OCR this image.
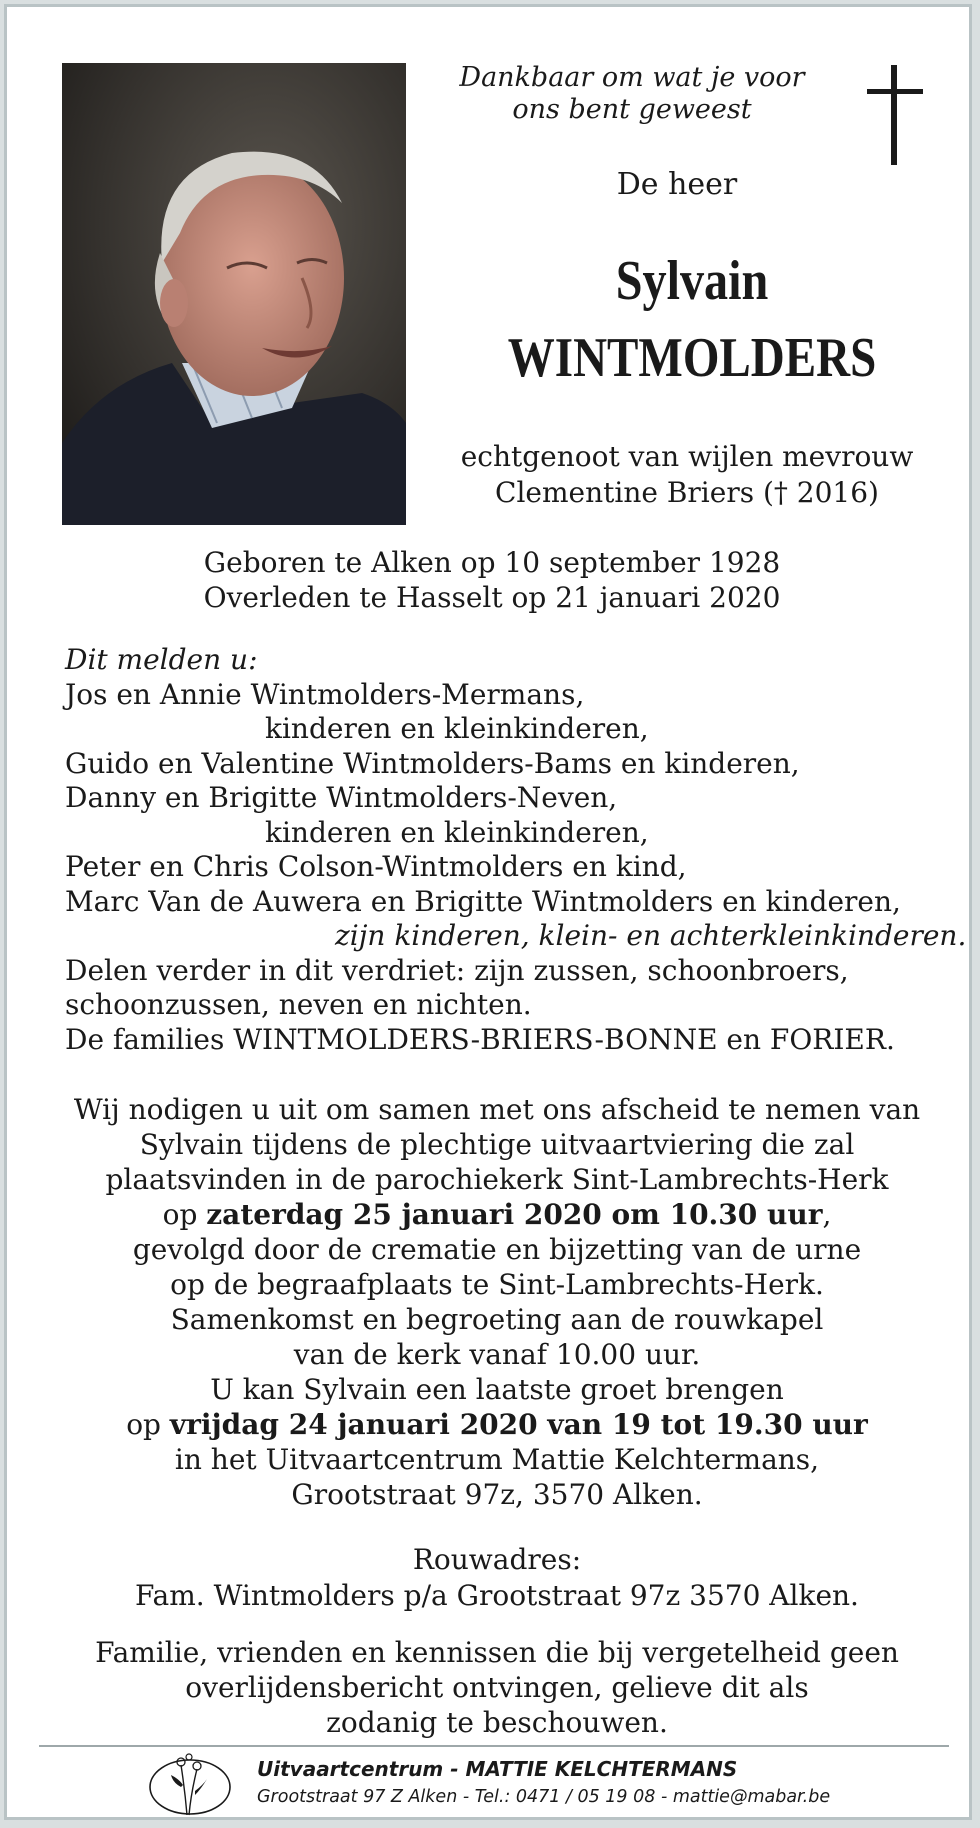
Dankbaar om wat je voor
ons bent geweest
De heer
Sylvain
WINTMOLDERS
echtgenoot van wijlen mevrouw
Clementine Briers († 2016)
Geboren te Alken op 10 september 1928
Overleden te Hasselt op 21 januari 2020
Dit melden u:
Jos en Annie Wintmolders-Mermans,
kinderen en kleinkinderen,
Guido en Valentine Wintmolders-Bams en kinderen,
Danny en Brigitte Wintmolders-Neven,
kinderen en kleinkinderen,
Peter en Chris Colson-Wintmolders en kind,
Marc Van de Auwera en Brigitte Wintmolders en kinderen,
zijn kinderen, klein- en achterkleinkinderen.
Delen verder in dit verdriet: zijn zussen, schoonbroers,
schoonzussen, neven en nichten.
De families WINTMOLDERS-BRIERS-BONNE en FORIER.
Wij nodigen u uit om samen met ons afscheid te nemen van
Sylvain tijdens de plechtige uitvaartviering die zal
plaatsvinden in de parochiekerk Sint-Lambrechts-Herk
op zaterdag 25 januari 2020 om 10.30 uur,
gevolgd door de crematie en bijzetting van de urne
op de begraafplaats te Sint-Lambrechts-Herk.
Samenkomst en begroeting aan de rouwkapel
van de kerk vanaf 10.00 uur.
U kan Sylvain een laatste groet brengen
op vrijdag 24 januari 2020 van 19 tot 19.30 uur
in het Uitvaartcentrum Mattie Kelchtermans,
Grootstraat 97z, 3570 Alken.
Rouwadres:
Fam. Wintmolders p/a Grootstraat 97z 3570 Alken.
Familie, vrienden en kennissen die bij vergetelheid geen
overlijdensbericht ontvingen, gelieve dit als
zodanig te beschouwen.
Uitvaartcentrum - MATTIE KELCHTERMANS
Grootstraat 97 Z Alken - Tel.: 0471 / 05 19 08 - mattie@mabar.be
